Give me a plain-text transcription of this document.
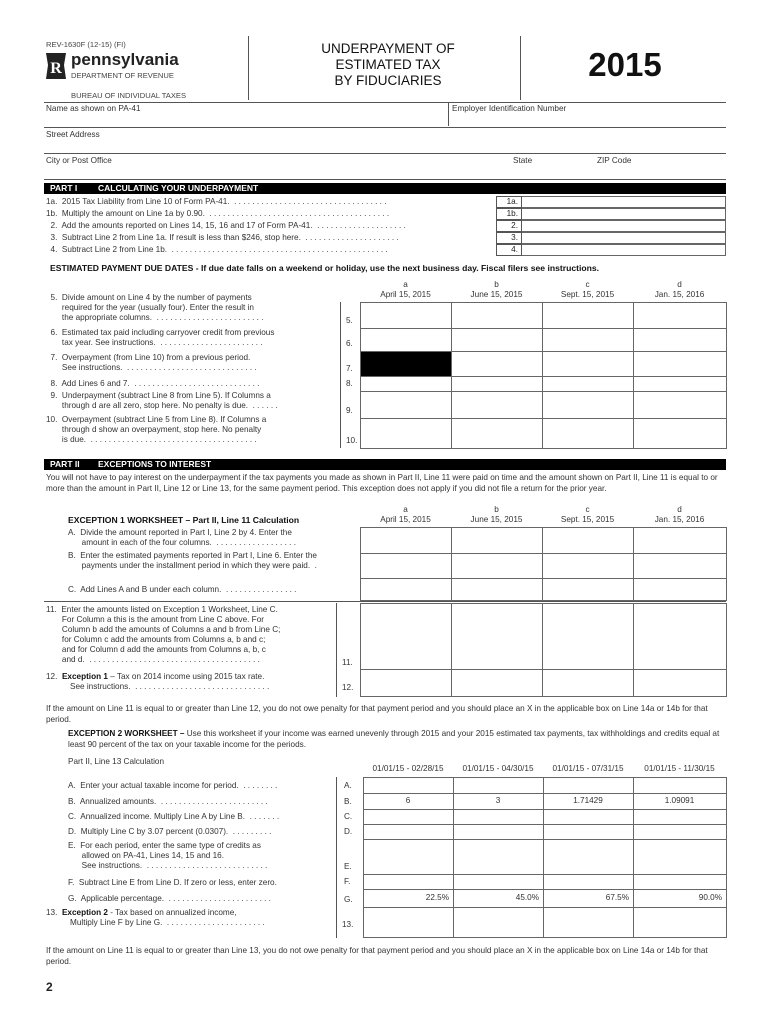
REV-1630F (12-15) (FI)
R pennsylvania
DEPARTMENT OF REVENUE
BUREAU OF INDIVIDUAL TAXES
UNDERPAYMENT OF
ESTIMATED TAX
BY FIDUCIARIES	2015
Name as shown on PA-41	Employer Identification Number
Street Address
City or Post Office	State	ZIP Code
PART I CALCULATING YOUR UNDERPAYMENT
1a.  2015 Tax Liability from Line 10 of Form PA-41.  . . . . . . . . . . . . . . . . . . . . . . . . . . . . . . . . . .	1a.
1b.  Multiply the amount on Line 1a by 0.90.  . . . . . . . . . . . . . . . . . . . . . . . . . . . . . . . . . . . . . . . .	1b.
2.  Add the amounts reported on Lines 14, 15, 16 and 17 of Form PA-41.  . . . . . . . . . . . . . . . . . . . .	2.
3.  Subtract Line 2 from Line 1a. If result is less than $246, stop here.  . . . . . . . . . . . . . . . . . . . . .	3.
4.  Subtract Line 2 from Line 1b.  . . . . . . . . . . . . . . . . . . . . . . . . . . . . . . . . . . . . . . . . . . . . . . . .	4.
ESTIMATED PAYMENT DUE DATES - If due date falls on a weekend or holiday, use the next business day. Fiscal filers see instructions.
a
April 15, 2015
b
June 15, 2015
c
Sept. 15, 2015
d
Jan. 15, 2016
5.  Divide amount on Line 4 by the number of payments
required for the year (usually four). Enter the result in
the appropriate columns.  . . . . . . . . . . . . . . . . . . . . . . . .	5.
6.  Estimated tax paid including carryover credit from previous
tax year. See instructions.  . . . . . . . . . . . . . . . . . . . . . . .	6.
7.  Overpayment (from Line 10) from a previous period.
See instructions.  . . . . . . . . . . . . . . . . . . . . . . . . . . . . .	7.
8.  Add Lines 6 and 7.  . . . . . . . . . . . . . . . . . . . . . . . . . . . .	8.
9.  Underpayment (subtract Line 8 from Line 5). If Columns a
through d are all zero, stop here. No penalty is due.  . . . . . .
9.
10.  Overpayment (subtract Line 5 from Line 8). If Columns a
through d show an overpayment, stop here. No penalty
is due.  . . . . . . . . . . . . . . . . . . . . . . . . . . . . . . . . . . . . .	10.
PART II EXCEPTIONS TO INTEREST
You will not have to pay interest on the underpayment if the tax payments you made as shown in Part II, Line 11 were paid on time and the amount shown on Part II, Line 11 is equal to or more than the amount in Part II, Line 12 or Line 13, for the same payment period. This exception does not apply if you did not file a return for the prior year.
EXCEPTION 1 WORKSHEET – Part II, Line 11 Calculation
a
April 15, 2015
b
June 15, 2015
c
Sept. 15, 2015
d
Jan. 15, 2016
A.  Divide the amount reported in Part I, Line 2 by 4. Enter the
amount in each of the four columns.  . . . . . . . . . . . . . . . . . .
B.  Enter the estimated payments reported in Part I, Line 6. Enter the
payments under the installment period in which they were paid.  .
C.  Add Lines A and B under each column.  . . . . . . . . . . . . . . . .
11.  Enter the amounts listed on Exception 1 Worksheet, Line C.
For Column a this is the amount from Line C above. For
Column b add the amounts of Columns a and b from Line C;
for Column c add the amounts from Columns a, b and c;
and for Column d add the amounts from Columns a, b, c
and d.  . . . . . . . . . . . . . . . . . . . . . . . . . . . . . . . . . . . . . .	11.
12. Exception 1 – Tax on 2014 income using 2015 tax rate.
See instructions.  . . . . . . . . . . . . . . . . . . . . . . . . . . . . . .	12.
If the amount on Line 11 is equal to or greater than Line 12, you do not owe penalty for that payment period and you should place an X in the applicable box on Line 14a or 14b for that period.
EXCEPTION 2 WORKSHEET – Use this worksheet if your income was earned unevenly through 2015 and your 2015 estimated tax payments, tax withholdings and credits equal at least 90 percent of the tax on your taxable income for the periods.
Part II, Line 13 Calculation
01/01/15 - 02/28/15	01/01/15 - 04/30/15	01/01/15 - 07/31/15	01/01/15 - 11/30/15
A.  Enter your actual taxable income for period.  . . . . . . . .	A.
B.  Annualized amounts.  . . . . . . . . . . . . . . . . . . . . . . . .	B.	6	3	1.71429	1.09091
C.  Annualized income. Multiply Line A by Line B.  . . . . . . .	C.
D.  Multiply Line C by 3.07 percent (0.0307).  . . . . . . . . .	D.
E.  For each period, enter the same type of credits as
allowed on PA-41, Lines 14, 15 and 16.
See instructions.  . . . . . . . . . . . . . . . . . . . . . . . . . . .	E.
F.  Subtract Line E from Line D. If zero or less, enter zero.	F.
G.  Applicable percentage.  . . . . . . . . . . . . . . . . . . . . . . .	G.	22.5%	45.0%	67.5%	90.0%
13. Exception 2 - Tax based on annualized income,
Multiply Line F by Line G.  . . . . . . . . . . . . . . . . . . . . . .	13.
If the amount on Line 11 is equal to or greater than Line 13, you do not owe penalty for that payment period and you should place an X in the applicable box on Line 14a or 14b for that period.
2
